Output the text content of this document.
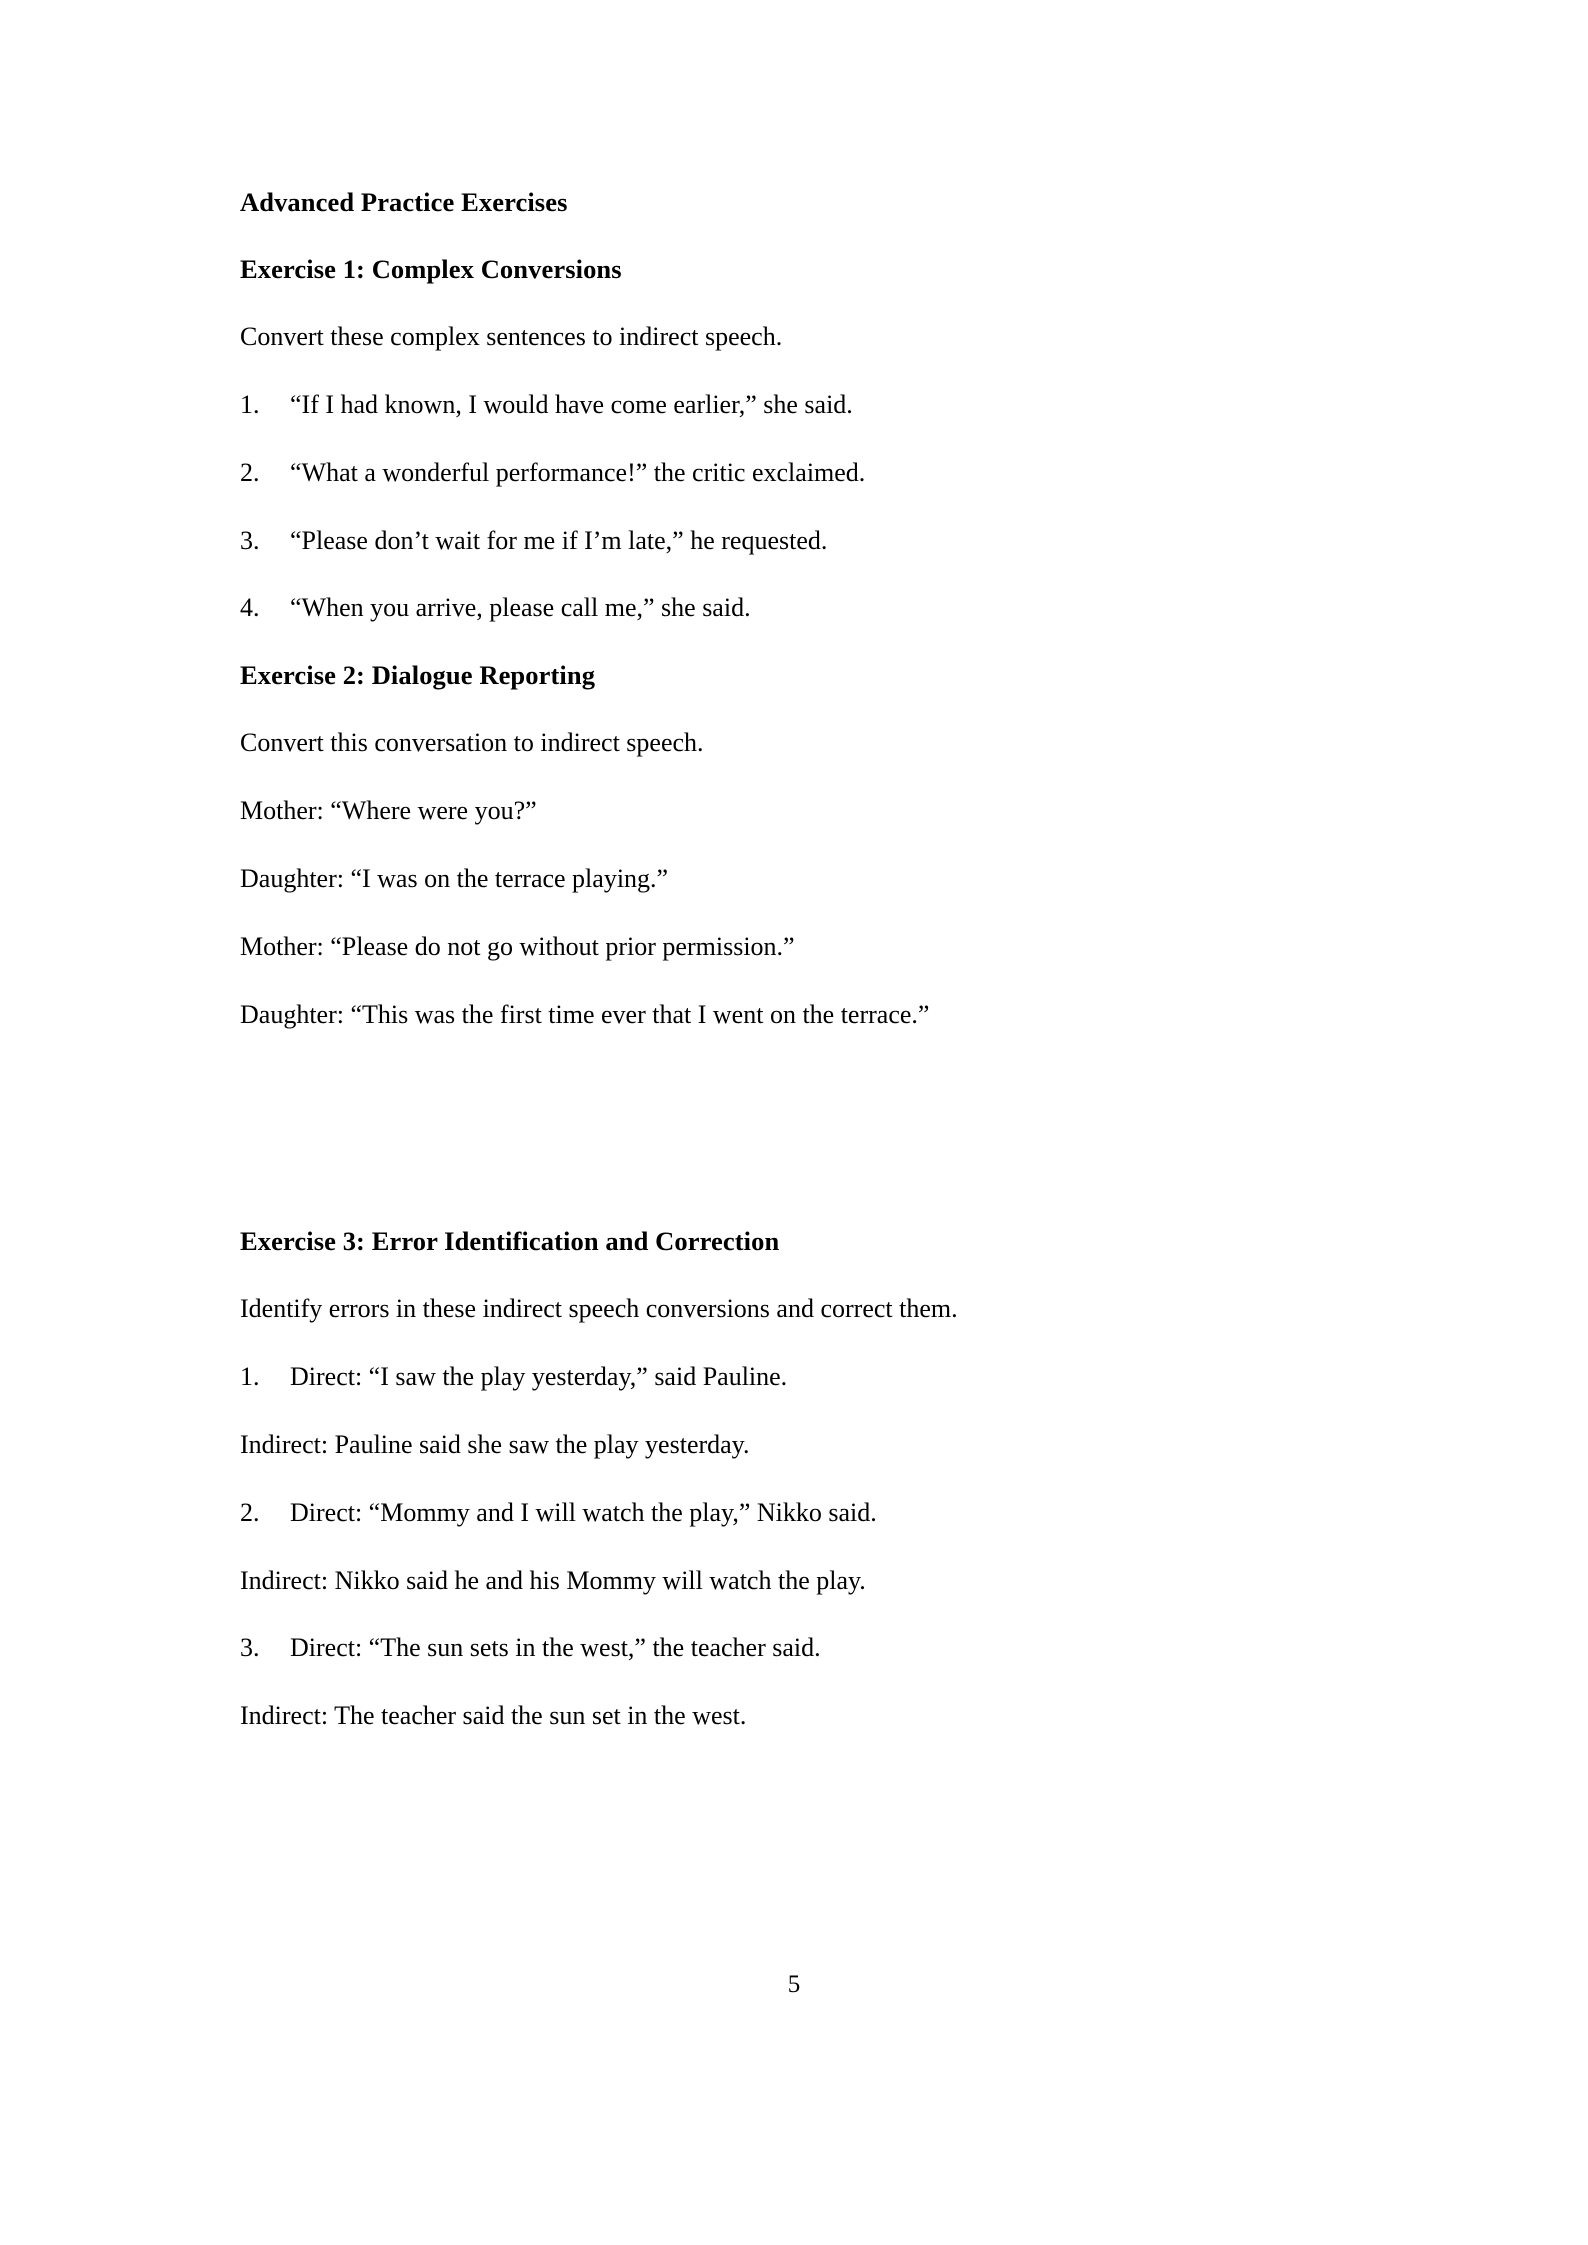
Advanced Practice Exercises
Exercise 1: Complex Conversions

Convert these complex sentences to indirect speech.

1. “If I had known, I would have come earlier,” she said.
2. “What a wonderful performance!” the critic exclaimed.
3. “Please don’t wait for me if I’m late,” he requested.
4. “When you arrive, please call me,” she said.
Exercise 2: Dialogue Reporting

Convert this conversation to indirect speech.

Mother: “Where were you?”

Daughter: “I was on the terrace playing.”

Mother: “Please do not go without prior permission.”

Daughter: “This was the first time ever that I went on the terrace.”

Exercise 3: Error Identification and Correction

Identify errors in these indirect speech conversions and correct them.

1. Direct: “I saw the play yesterday,” said Pauline.

Indirect: Pauline said she saw the play yesterday.

2. Direct: “Mommy and I will watch the play,” Nikko said.

Indirect: Nikko said he and his Mommy will watch the play.

3. Direct: “The sun sets in the west,” the teacher said.

Indirect: The teacher said the sun set in the west.

5
